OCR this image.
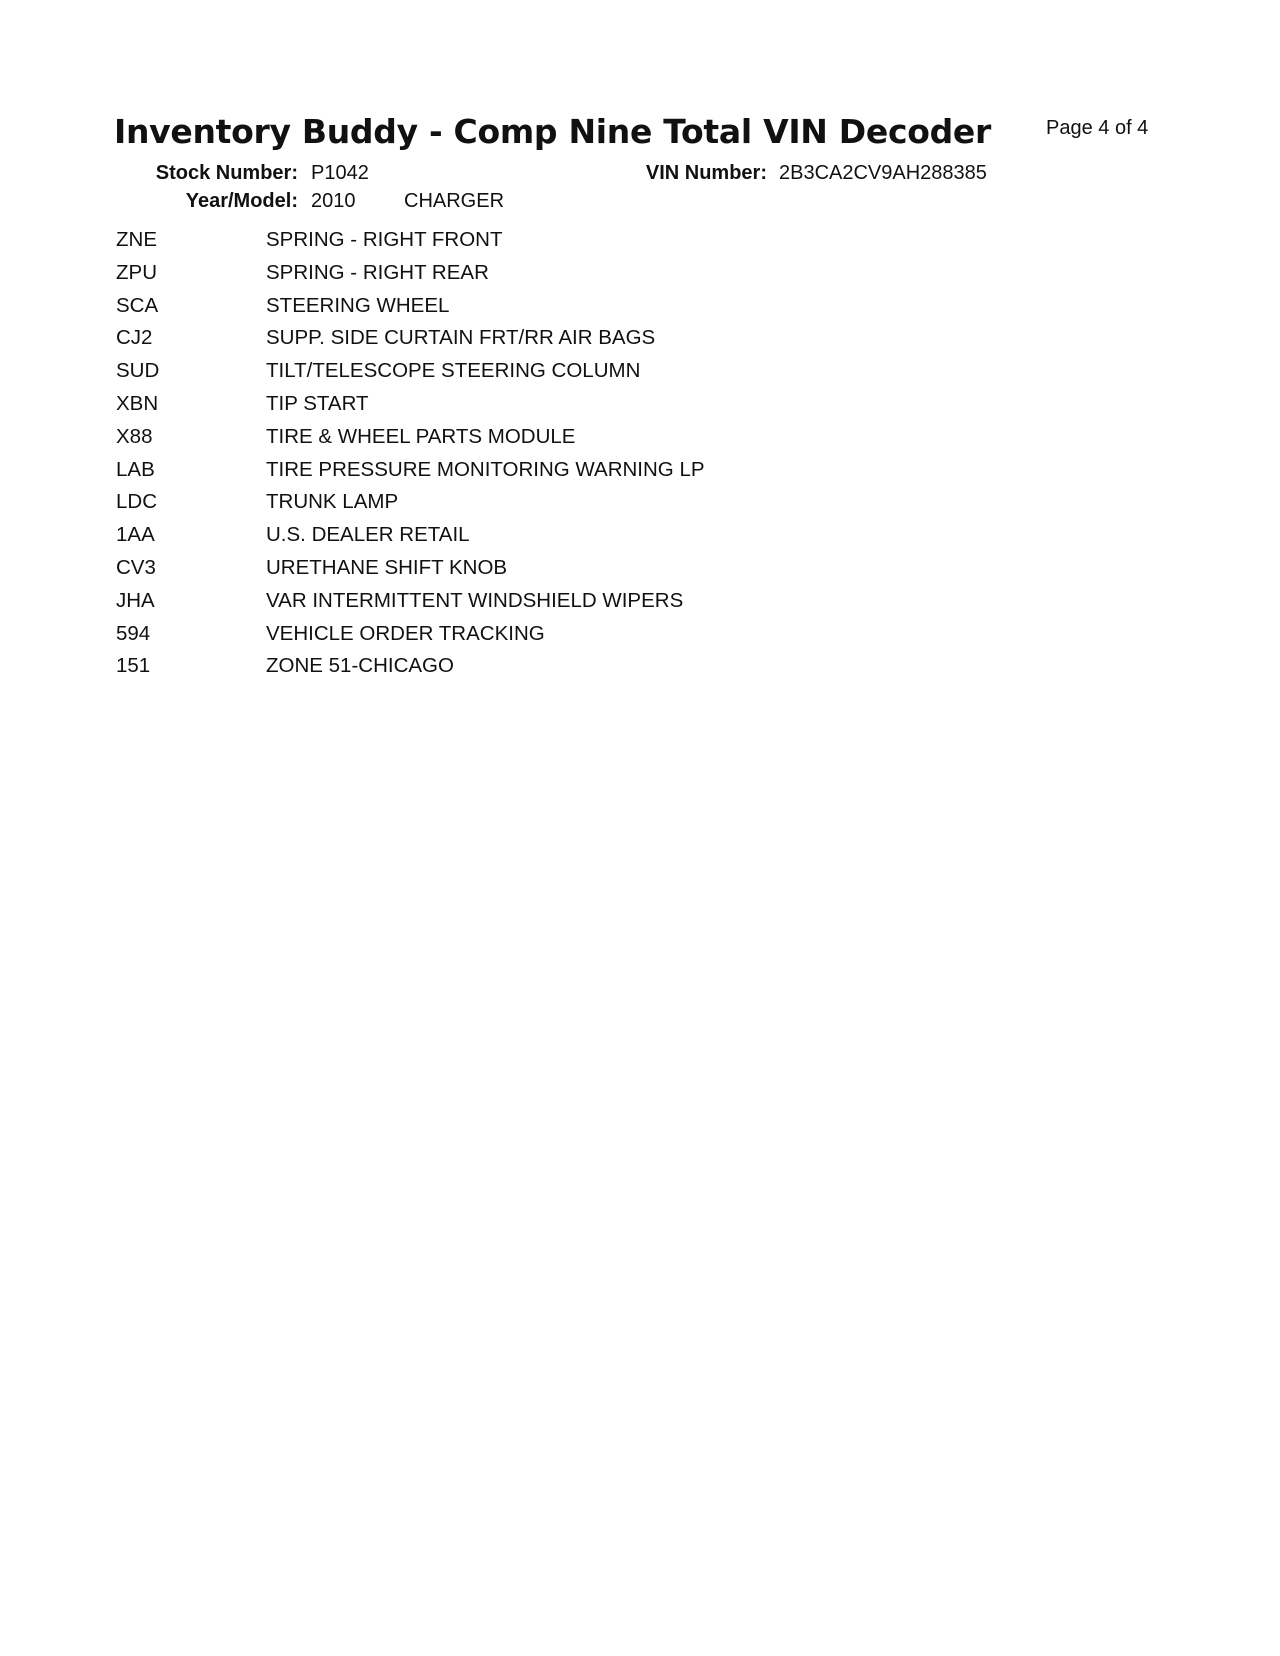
Inventory Buddy - Comp Nine Total VIN Decoder	Page 4 of 4
Stock Number: P1042	VIN Number: 2B3CA2CV9AH288385
Year/Model: 2010 CHARGER
ZNE	SPRING - RIGHT FRONT
ZPU	SPRING - RIGHT REAR
SCA	STEERING WHEEL
CJ2	SUPP. SIDE CURTAIN FRT/RR AIR BAGS
SUD	TILT/TELESCOPE STEERING COLUMN
XBN	TIP START
X88	TIRE & WHEEL PARTS MODULE
LAB	TIRE PRESSURE MONITORING WARNING LP
LDC	TRUNK LAMP
1AA	U.S. DEALER RETAIL
CV3	URETHANE SHIFT KNOB
JHA	VAR INTERMITTENT WINDSHIELD WIPERS
594	VEHICLE ORDER TRACKING
151	ZONE 51-CHICAGO
